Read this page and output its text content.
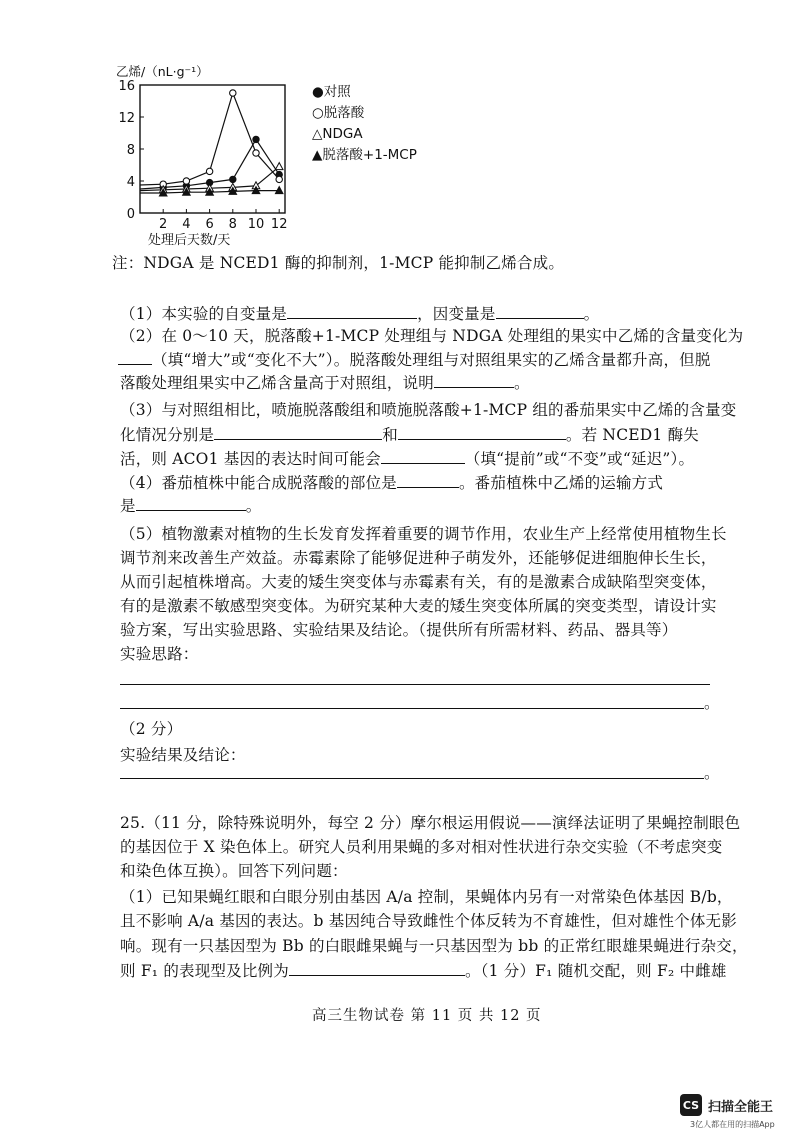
乙烯/（nL·g⁻¹）
0
4
8
12
16
2 4 6 8 10 12
处理后天数/天
●对照
○脱落酸
△NDGA
▲脱落酸+1-MCP
注：NDGA 是 NCED1 酶的抑制剂，1-MCP 能抑制乙烯合成。
（1）本实验的自变量是	，因变量是	。
（2）在 0～10 天，脱落酸+1-MCP 处理组与 NDGA 处理组的果实中乙烯的含量变化为
（填“增大”或“变化不大”）。脱落酸处理组与对照组果实的乙烯含量都升高，但脱
落酸处理组果实中乙烯含量高于对照组，说明	。
（3）与对照组相比，喷施脱落酸组和喷施脱落酸+1-MCP 组的番茄果实中乙烯的含量变
化情况分别是	和	。若 NCED1 酶失
活，则 ACO1 基因的表达时间可能会	（填“提前”或“不变”或“延迟”）。
（4）番茄植株中能合成脱落酸的部位是	。番茄植株中乙烯的运输方式
是	。
（5）植物激素对植物的生长发育发挥着重要的调节作用，农业生产上经常使用植物生长
调节剂来改善生产效益。赤霉素除了能够促进种子萌发外，还能够促进细胞伸长生长，
从而引起植株增高。大麦的矮生突变体与赤霉素有关，有的是激素合成缺陷型突变体，
有的是激素不敏感型突变体。为研究某种大麦的矮生突变体所属的突变类型，请设计实
验方案，写出实验思路、实验结果及结论。（提供所有所需材料、药品、器具等）
实验思路：
。
（2 分）
实验结果及结论：
。
25.（11 分，除特殊说明外，每空 2 分）摩尔根运用假说——演绎法证明了果蝇控制眼色
的基因位于 X 染色体上。研究人员利用果蝇的多对相对性状进行杂交实验（不考虑突变
和染色体互换）。回答下列问题：
（1）已知果蝇红眼和白眼分别由基因 A/a 控制，果蝇体内另有一对常染色体基因 B/b，
且不影响 A/a 基因的表达。b 基因纯合导致雌性个体反转为不育雄性，但对雄性个体无影
响。现有一只基因型为 Bb 的白眼雌果蝇与一只基因型为 bb 的正常红眼雄果蝇进行杂交，
则 F₁ 的表现型及比例为	。（1 分）F₁ 随机交配，则 F₂ 中雌雄
高三生物试卷 第 11 页 共 12 页
CS 扫描全能王
3亿人都在用的扫描App
